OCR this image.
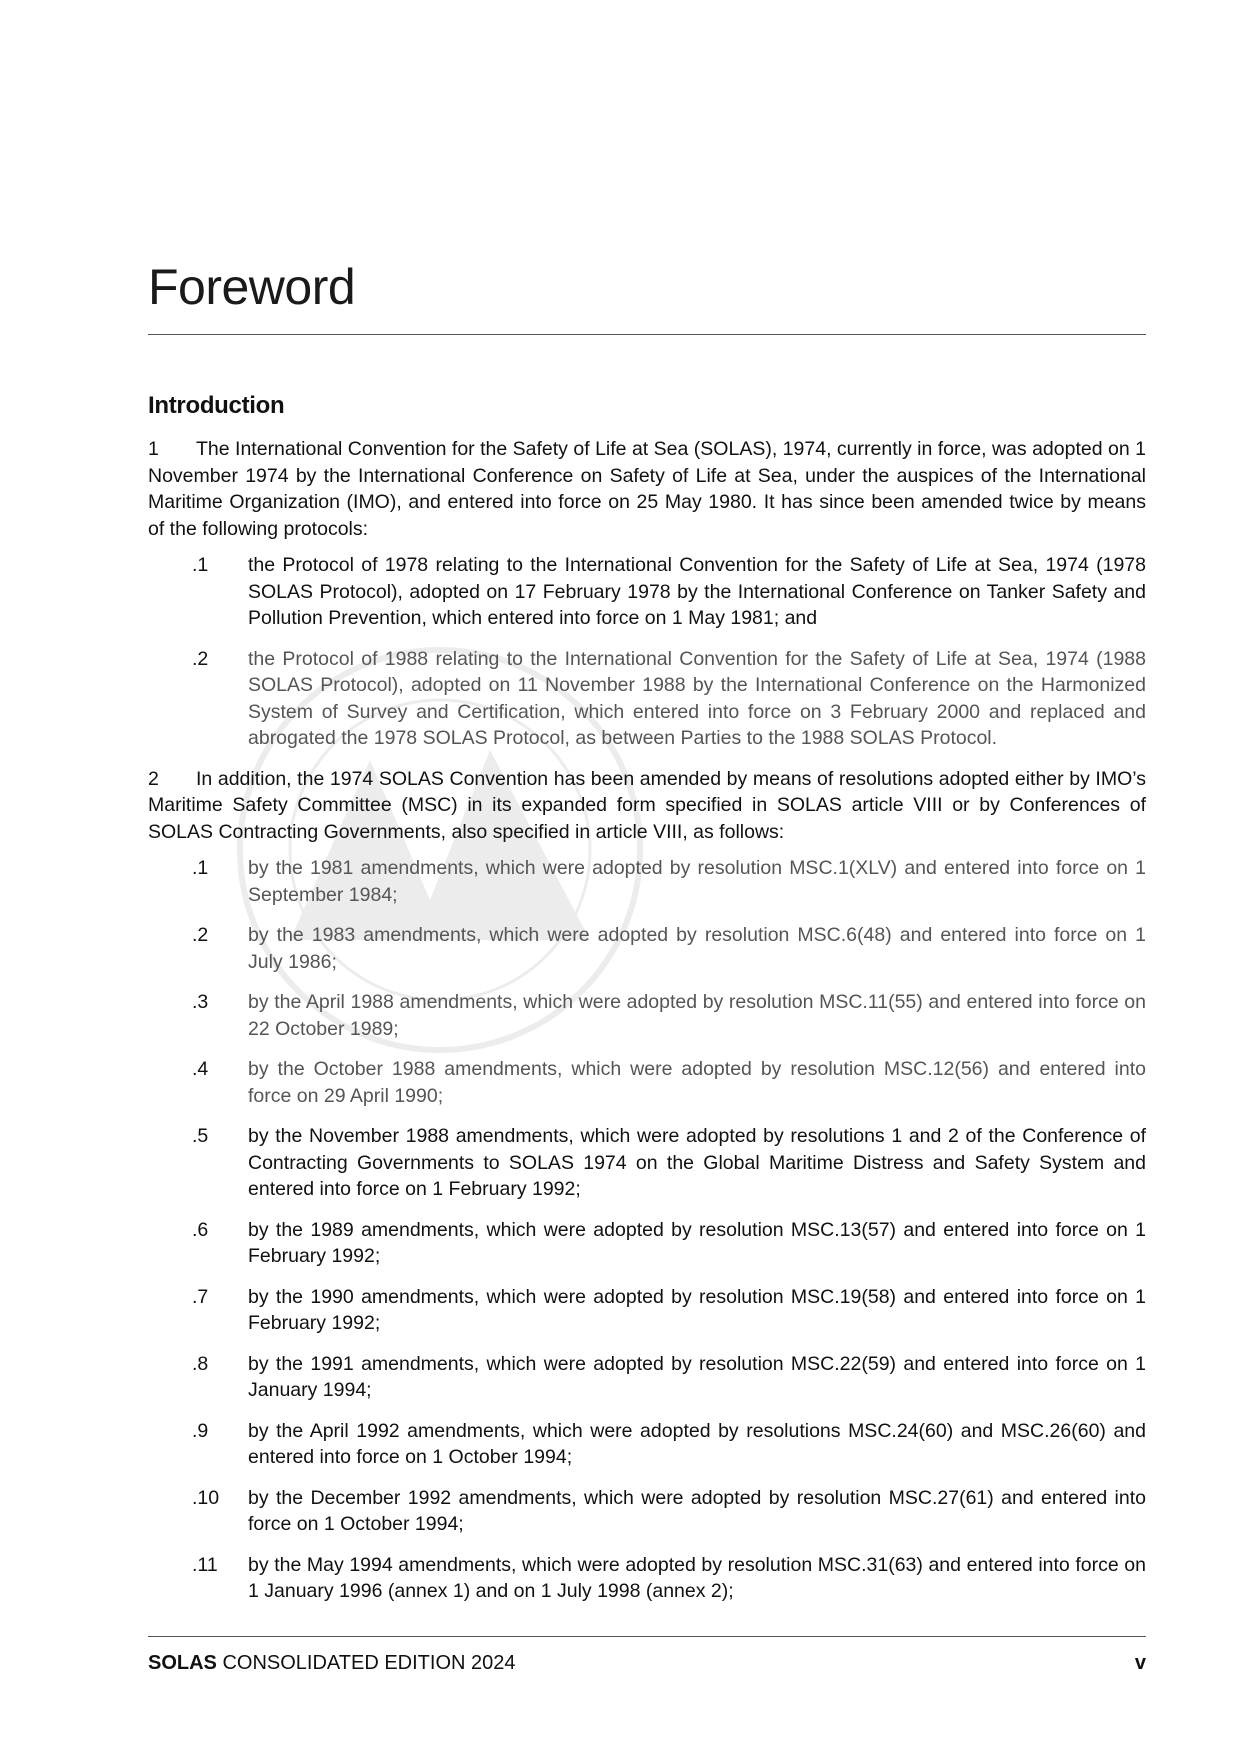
Foreword
Introduction

1 The International Convention for the Safety of Life at Sea (SOLAS), 1974, currently in force, was adopted on 1 November 1974 by the International Conference on Safety of Life at Sea, under the auspices of the International Maritime Organization (IMO), and entered into force on 25 May 1980. It has since been amended twice by means of the following protocols:

.1 the Protocol of 1978 relating to the International Convention for the Safety of Life at Sea, 1974 (1978 SOLAS Protocol), adopted on 17 February 1978 by the International Conference on Tanker Safety and Pollution Prevention, which entered into force on 1 May 1981; and
.2 the Protocol of 1988 relating to the International Convention for the Safety of Life at Sea, 1974 (1988 SOLAS Protocol), adopted on 11 November 1988 by the International Conference on the Harmonized System of Survey and Certification, which entered into force on 3 February 2000 and replaced and abrogated the 1978 SOLAS Protocol, as between Parties to the 1988 SOLAS Protocol.

2 In addition, the 1974 SOLAS Convention has been amended by means of resolutions adopted either by IMO’s Maritime Safety Committee (MSC) in its expanded form specified in SOLAS article VIII or by Conferences of SOLAS Contracting Governments, also specified in article VIII, as follows:

.1 by the 1981 amendments, which were adopted by resolution MSC.1(XLV) and entered into force on 1 September 1984;
.2 by the 1983 amendments, which were adopted by resolution MSC.6(48) and entered into force on 1 July 1986;
.3 by the April 1988 amendments, which were adopted by resolution MSC.11(55) and entered into force on 22 October 1989;
.4 by the October 1988 amendments, which were adopted by resolution MSC.12(56) and entered into force on 29 April 1990;
.5 by the November 1988 amendments, which were adopted by resolutions 1 and 2 of the Conference of Contracting Governments to SOLAS 1974 on the Global Maritime Distress and Safety System and entered into force on 1 February 1992;
.6 by the 1989 amendments, which were adopted by resolution MSC.13(57) and entered into force on 1 February 1992;
.7 by the 1990 amendments, which were adopted by resolution MSC.19(58) and entered into force on 1 February 1992;
.8 by the 1991 amendments, which were adopted by resolution MSC.22(59) and entered into force on 1 January 1994;
.9 by the April 1992 amendments, which were adopted by resolutions MSC.24(60) and MSC.26(60) and entered into force on 1 October 1994;
.10 by the December 1992 amendments, which were adopted by resolution MSC.27(61) and entered into force on 1 October 1994;
.11 by the May 1994 amendments, which were adopted by resolution MSC.31(63) and entered into force on 1 January 1996 (annex 1) and on 1 July 1998 (annex 2);
SOLAS CONSOLIDATED EDITION 2024	v
